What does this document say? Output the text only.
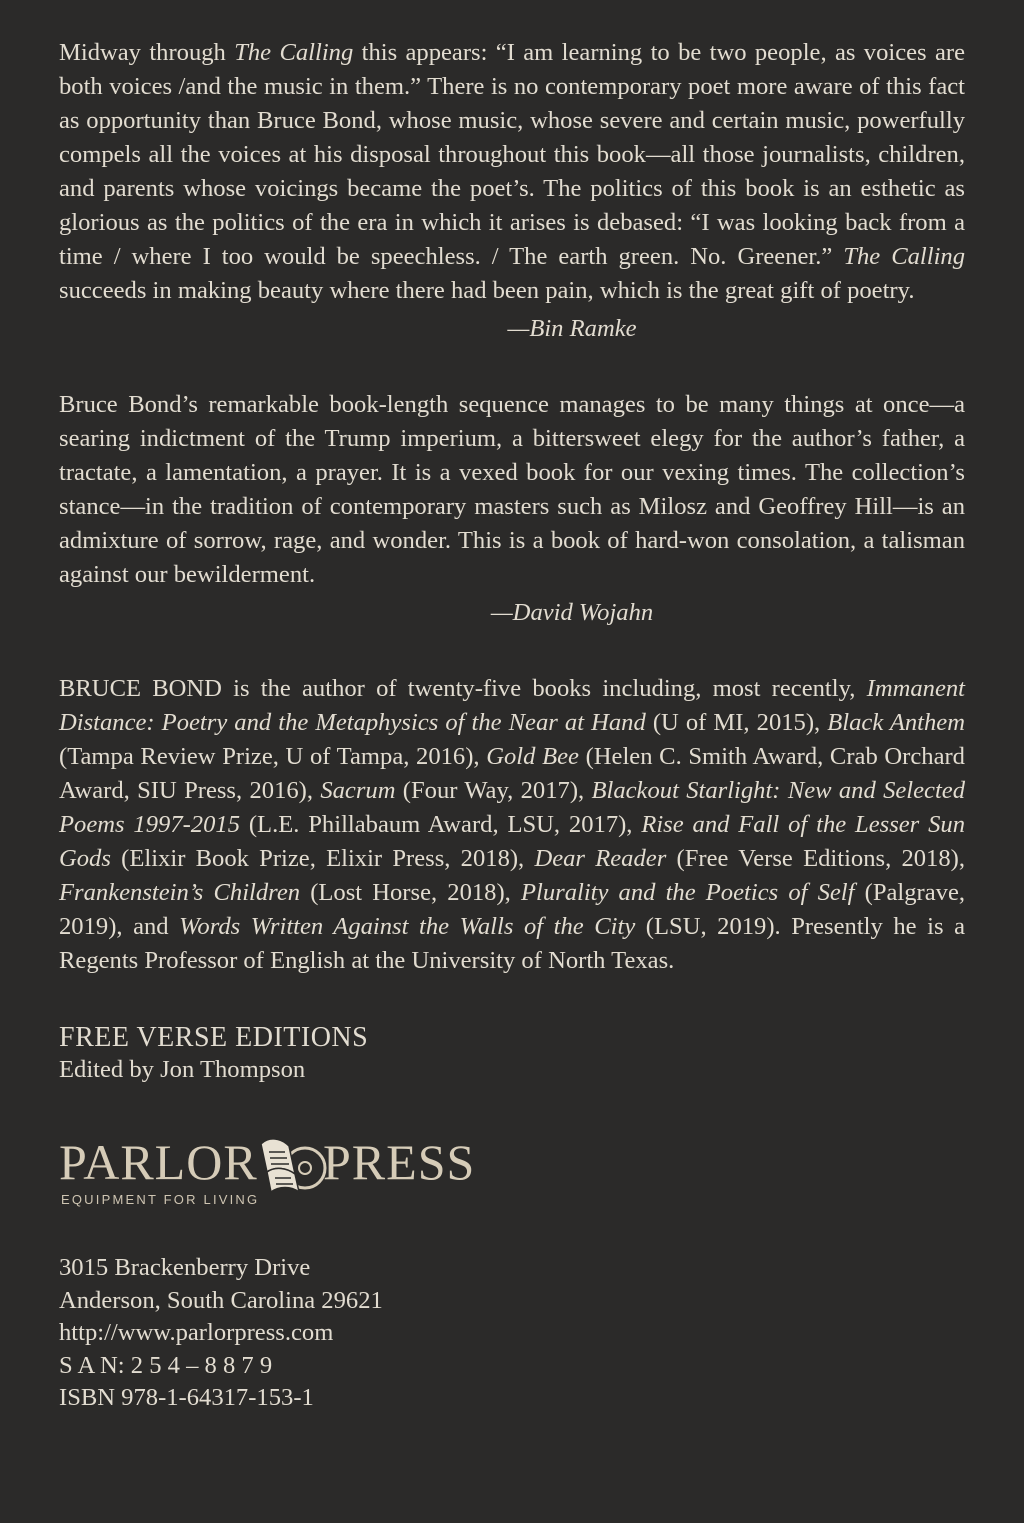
Midway through The Calling this appears: “I am learning to be two people, as voices are both voices /and the music in them.” There is no contemporary poet more aware of this fact as opportunity than Bruce Bond, whose music, whose severe and certain music, powerfully compels all the voices at his disposal throughout this book—all those journalists, children, and parents whose voicings became the poet’s. The politics of this book is an esthetic as glorious as the politics of the era in which it arises is debased: “I was looking back from a time / where I too would be speechless. / The earth green. No. Greener.” The Calling succeeds in making beauty where there had been pain, which is the great gift of poetry.

—Bin Ramke

Bruce Bond’s remarkable book-length sequence manages to be many things at once—a searing indictment of the Trump imperium, a bittersweet elegy for the author’s father, a tractate, a lamentation, a prayer. It is a vexed book for our vexing times. The collection’s stance—in the tradition of contemporary masters such as Milosz and Geoffrey Hill—is an admixture of sorrow, rage, and wonder. This is a book of hard-won consolation, a talisman against our bewilderment.

—David Wojahn

BRUCE BOND is the author of twenty-five books including, most recently, Immanent Distance: Poetry and the Metaphysics of the Near at Hand (U of MI, 2015), Black Anthem (Tampa Review Prize, U of Tampa, 2016), Gold Bee (Helen C. Smith Award, Crab Orchard Award, SIU Press, 2016), Sacrum (Four Way, 2017), Blackout Starlight: New and Selected Poems 1997-2015 (L.E. Phillabaum Award, LSU, 2017), Rise and Fall of the Lesser Sun Gods (Elixir Book Prize, Elixir Press, 2018), Dear Reader (Free Verse Editions, 2018), Frankenstein’s Children (Lost Horse, 2018), Plurality and the Poetics of Self (Palgrave, 2019), and Words Written Against the Walls of the City (LSU, 2019). Presently he is a Regents Professor of English at the University of North Texas.

FREE VERSE EDITIONS
Edited by Jon Thompson
PARLOR PRESS
EQUIPMENT FOR LIVING
3015 Brackenberry Drive
Anderson, South Carolina 29621
http://www.parlorpress.com
S A N: 2 5 4 – 8 8 7 9
ISBN 978-1-64317-153-1
